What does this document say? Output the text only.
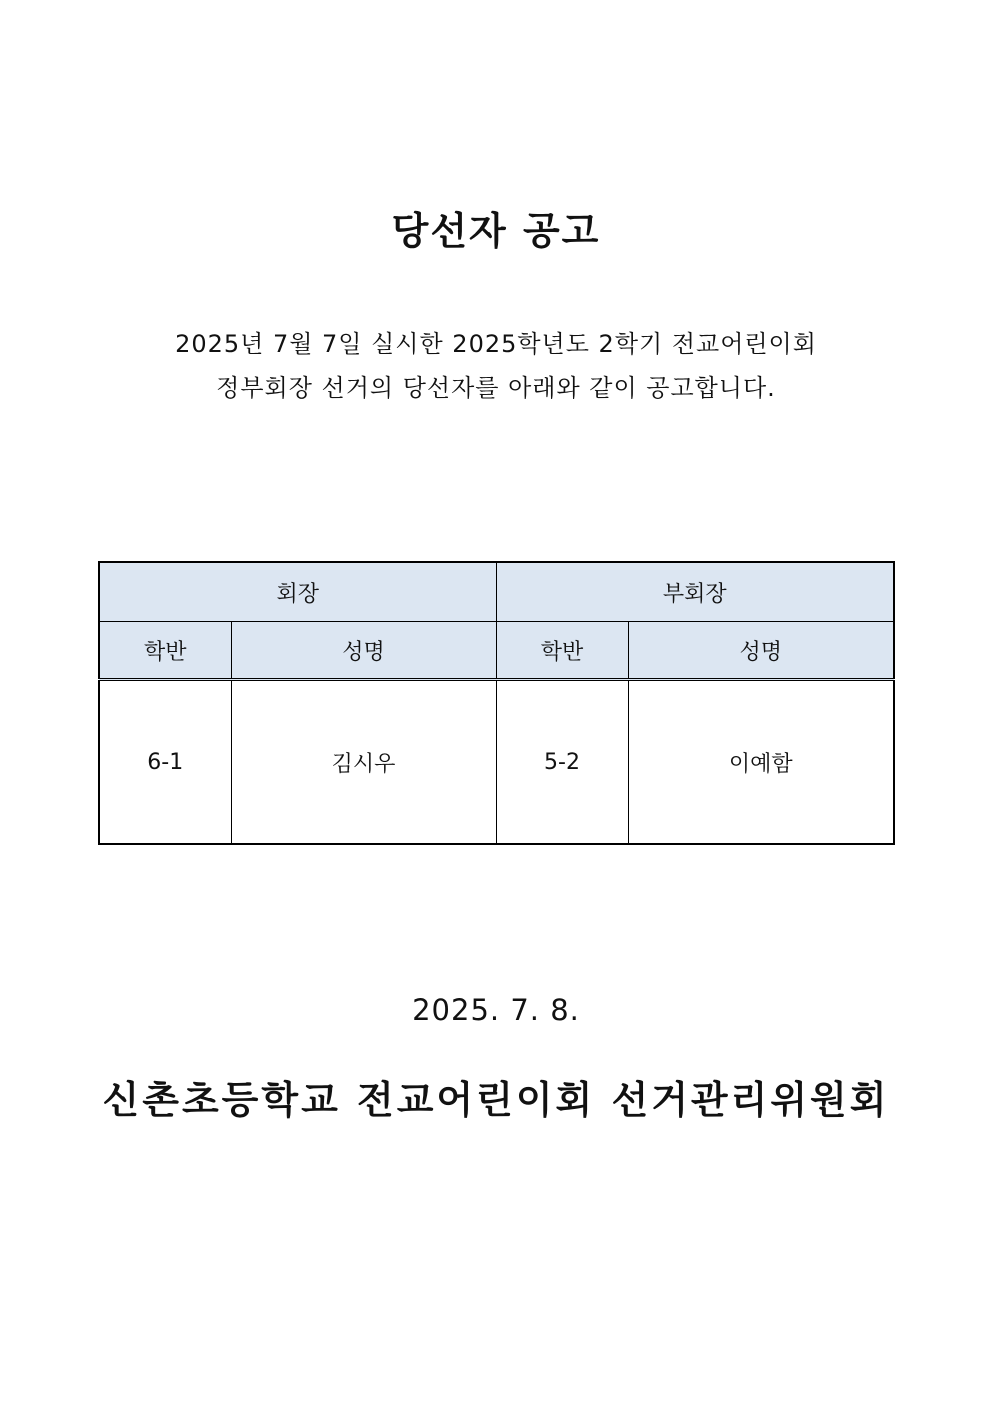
당선자 공고
2025년 7월 7일 실시한 2025학년도 2학기 전교어린이회
정부회장 선거의 당선자를 아래와 같이 공고합니다.
회장		부회장	
학반	성명	학반	성명
6-1	김시우	5-2	이예함
2025. 7. 8.
신촌초등학교 전교어린이회 선거관리위원회
